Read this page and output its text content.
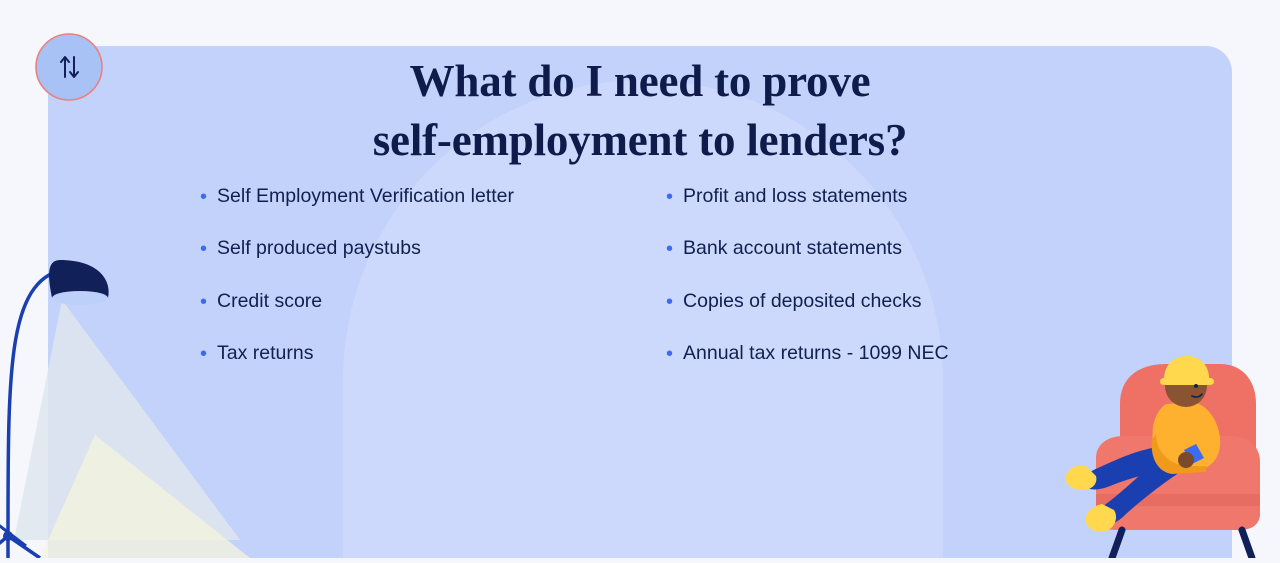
What do I need to prove
self-employment to lenders?
• Self Employment Verification letter
• Self produced paystubs
• Credit score
• Tax returns
• Profit and loss statements
• Bank account statements
• Copies of deposited checks
• Annual tax returns - 1099 NEC
